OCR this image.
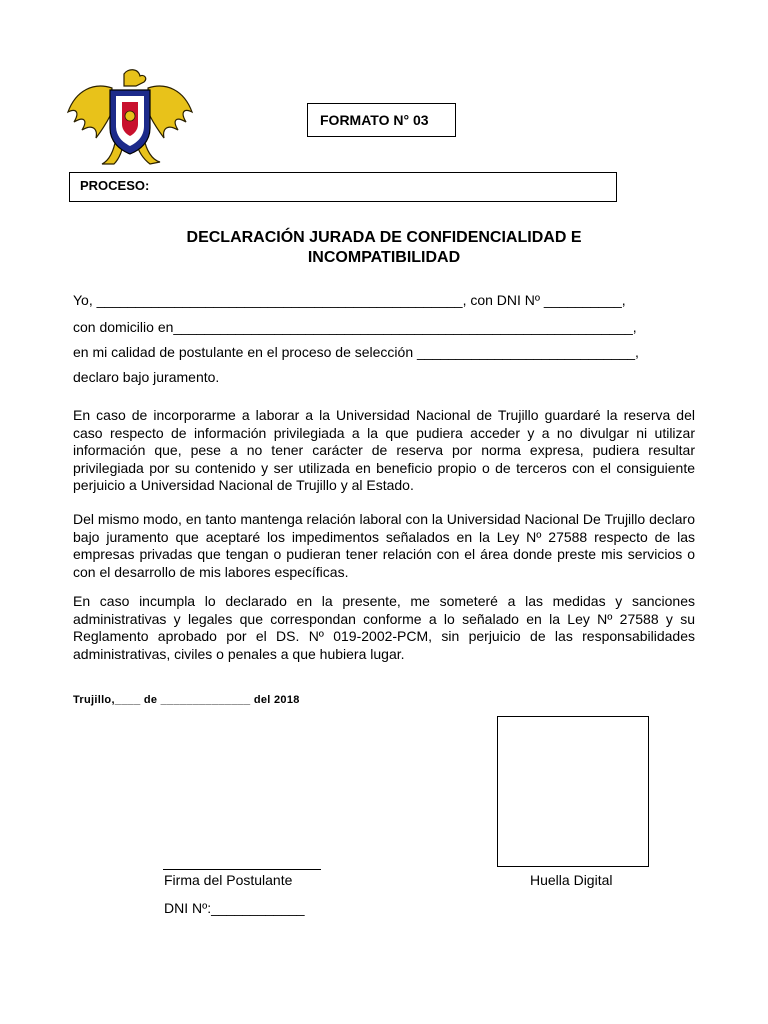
FORMATO N° 03
PROCESO:
DECLARACIÓN JURADA DE CONFIDENCIALIDAD E
INCOMPATIBILIDAD
Yo, _______________________________________________, con DNI Nº __________,
con domicilio en___________________________________________________________,
en mi calidad de postulante en el proceso de selección ____________________________,
declaro bajo juramento.
En caso de incorporarme a laborar a la Universidad Nacional de Trujillo guardaré la reserva del caso respecto de información privilegiada a la que pudiera acceder y a no divulgar ni utilizar información que, pese a no tener carácter de reserva por norma expresa, pudiera resultar privilegiada por su contenido y ser utilizada en beneficio propio o de terceros con el consiguiente perjuicio a Universidad Nacional de Trujillo y al Estado.
Del mismo modo, en tanto mantenga relación laboral con la Universidad Nacional De Trujillo declaro bajo juramento que aceptaré los impedimentos señalados en la Ley Nº 27588 respecto de las empresas privadas que tengan o pudieran tener relación con el área donde preste mis servicios o con el desarrollo de mis labores específicas.
En caso incumpla lo declarado en la presente, me someteré a las medidas y sanciones administrativas y legales que correspondan conforme a lo señalado en la Ley Nº 27588 y su Reglamento aprobado por el DS. Nº 019-2002-PCM, sin perjuicio de las responsabilidades administrativas, civiles o penales a que hubiera lugar.
Trujillo,____ de ______________ del 2018
Firma del Postulante	Huella Digital
DNI Nº:____________
